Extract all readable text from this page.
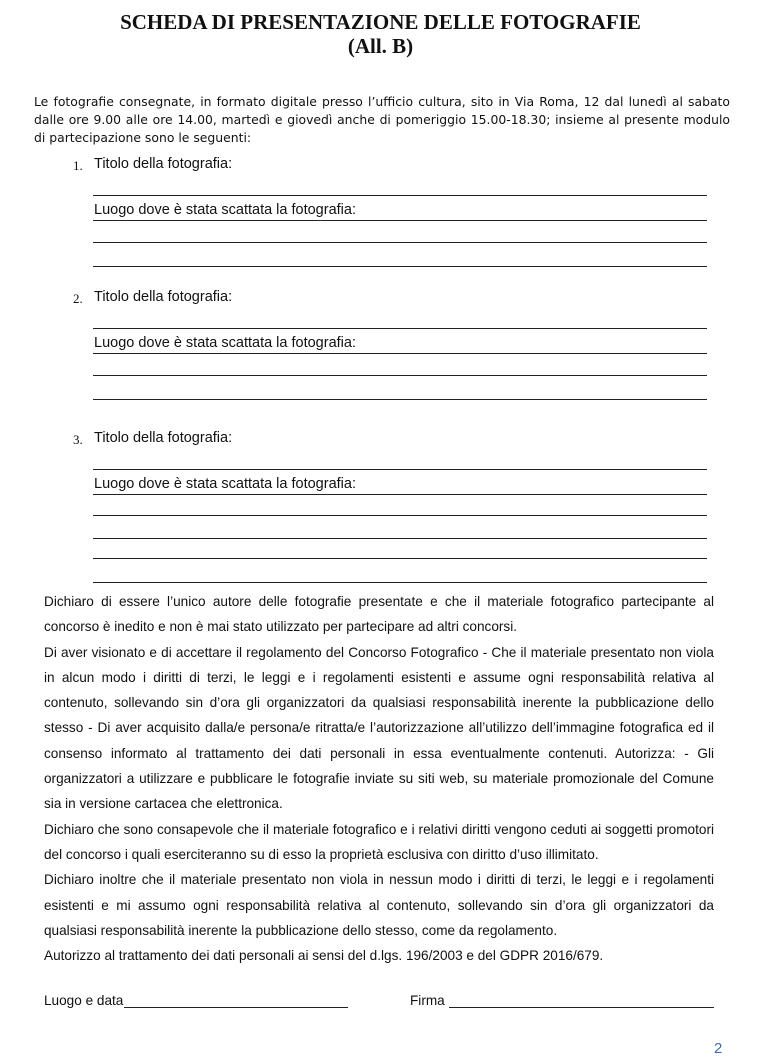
SCHEDA DI PRESENTAZIONE DELLE FOTOGRAFIE
(All. B)
Le fotografie consegnate, in formato digitale presso l’ufficio cultura, sito in Via Roma, 12 dal lunedì al sabato dalle ore 9.00 alle ore 14.00, martedì e giovedì anche di pomeriggio 15.00-18.30; insieme al presente modulo di partecipazione sono le seguenti:
1. Titolo della fotografia:
Luogo dove è stata scattata la fotografia:
2. Titolo della fotografia:
Luogo dove è stata scattata la fotografia:
3. Titolo della fotografia:
Luogo dove è stata scattata la fotografia:

Dichiaro di essere l’unico autore delle fotografie presentate e che il materiale fotografico partecipante al concorso è inedito e non è mai stato utilizzato per partecipare ad altri concorsi.

Di aver visionato e di accettare il regolamento del Concorso Fotografico - Che il materiale presentato non viola in alcun modo i diritti di terzi, le leggi e i regolamenti esistenti e assume ogni responsabilità relativa al contenuto, sollevando sin d’ora gli organizzatori da qualsiasi responsabilità inerente la pubblicazione dello stesso - Di aver acquisito dalla/e persona/e ritratta/e l’autorizzazione all’utilizzo dell’immagine fotografica ed il consenso informato al trattamento dei dati personali in essa eventualmente contenuti. Autorizza: - Gli organizzatori a utilizzare e pubblicare le fotografie inviate su siti web, su materiale promozionale del Comune sia in versione cartacea che elettronica.

Dichiaro che sono consapevole che il materiale fotografico e i relativi diritti vengono ceduti ai soggetti promotori del concorso i quali eserciteranno su di esso la proprietà esclusiva con diritto d’uso illimitato.

Dichiaro inoltre che il materiale presentato non viola in nessun modo i diritti di terzi, le leggi e i regolamenti esistenti e mi assumo ogni responsabilità relativa al contenuto, sollevando sin d’ora gli organizzatori da qualsiasi responsabilità inerente la pubblicazione dello stesso, come da regolamento.

Autorizzo al trattamento dei dati personali ai sensi del d.lgs. 196/2003 e del GDPR 2016/679.

Luogo e data	Firma
2
